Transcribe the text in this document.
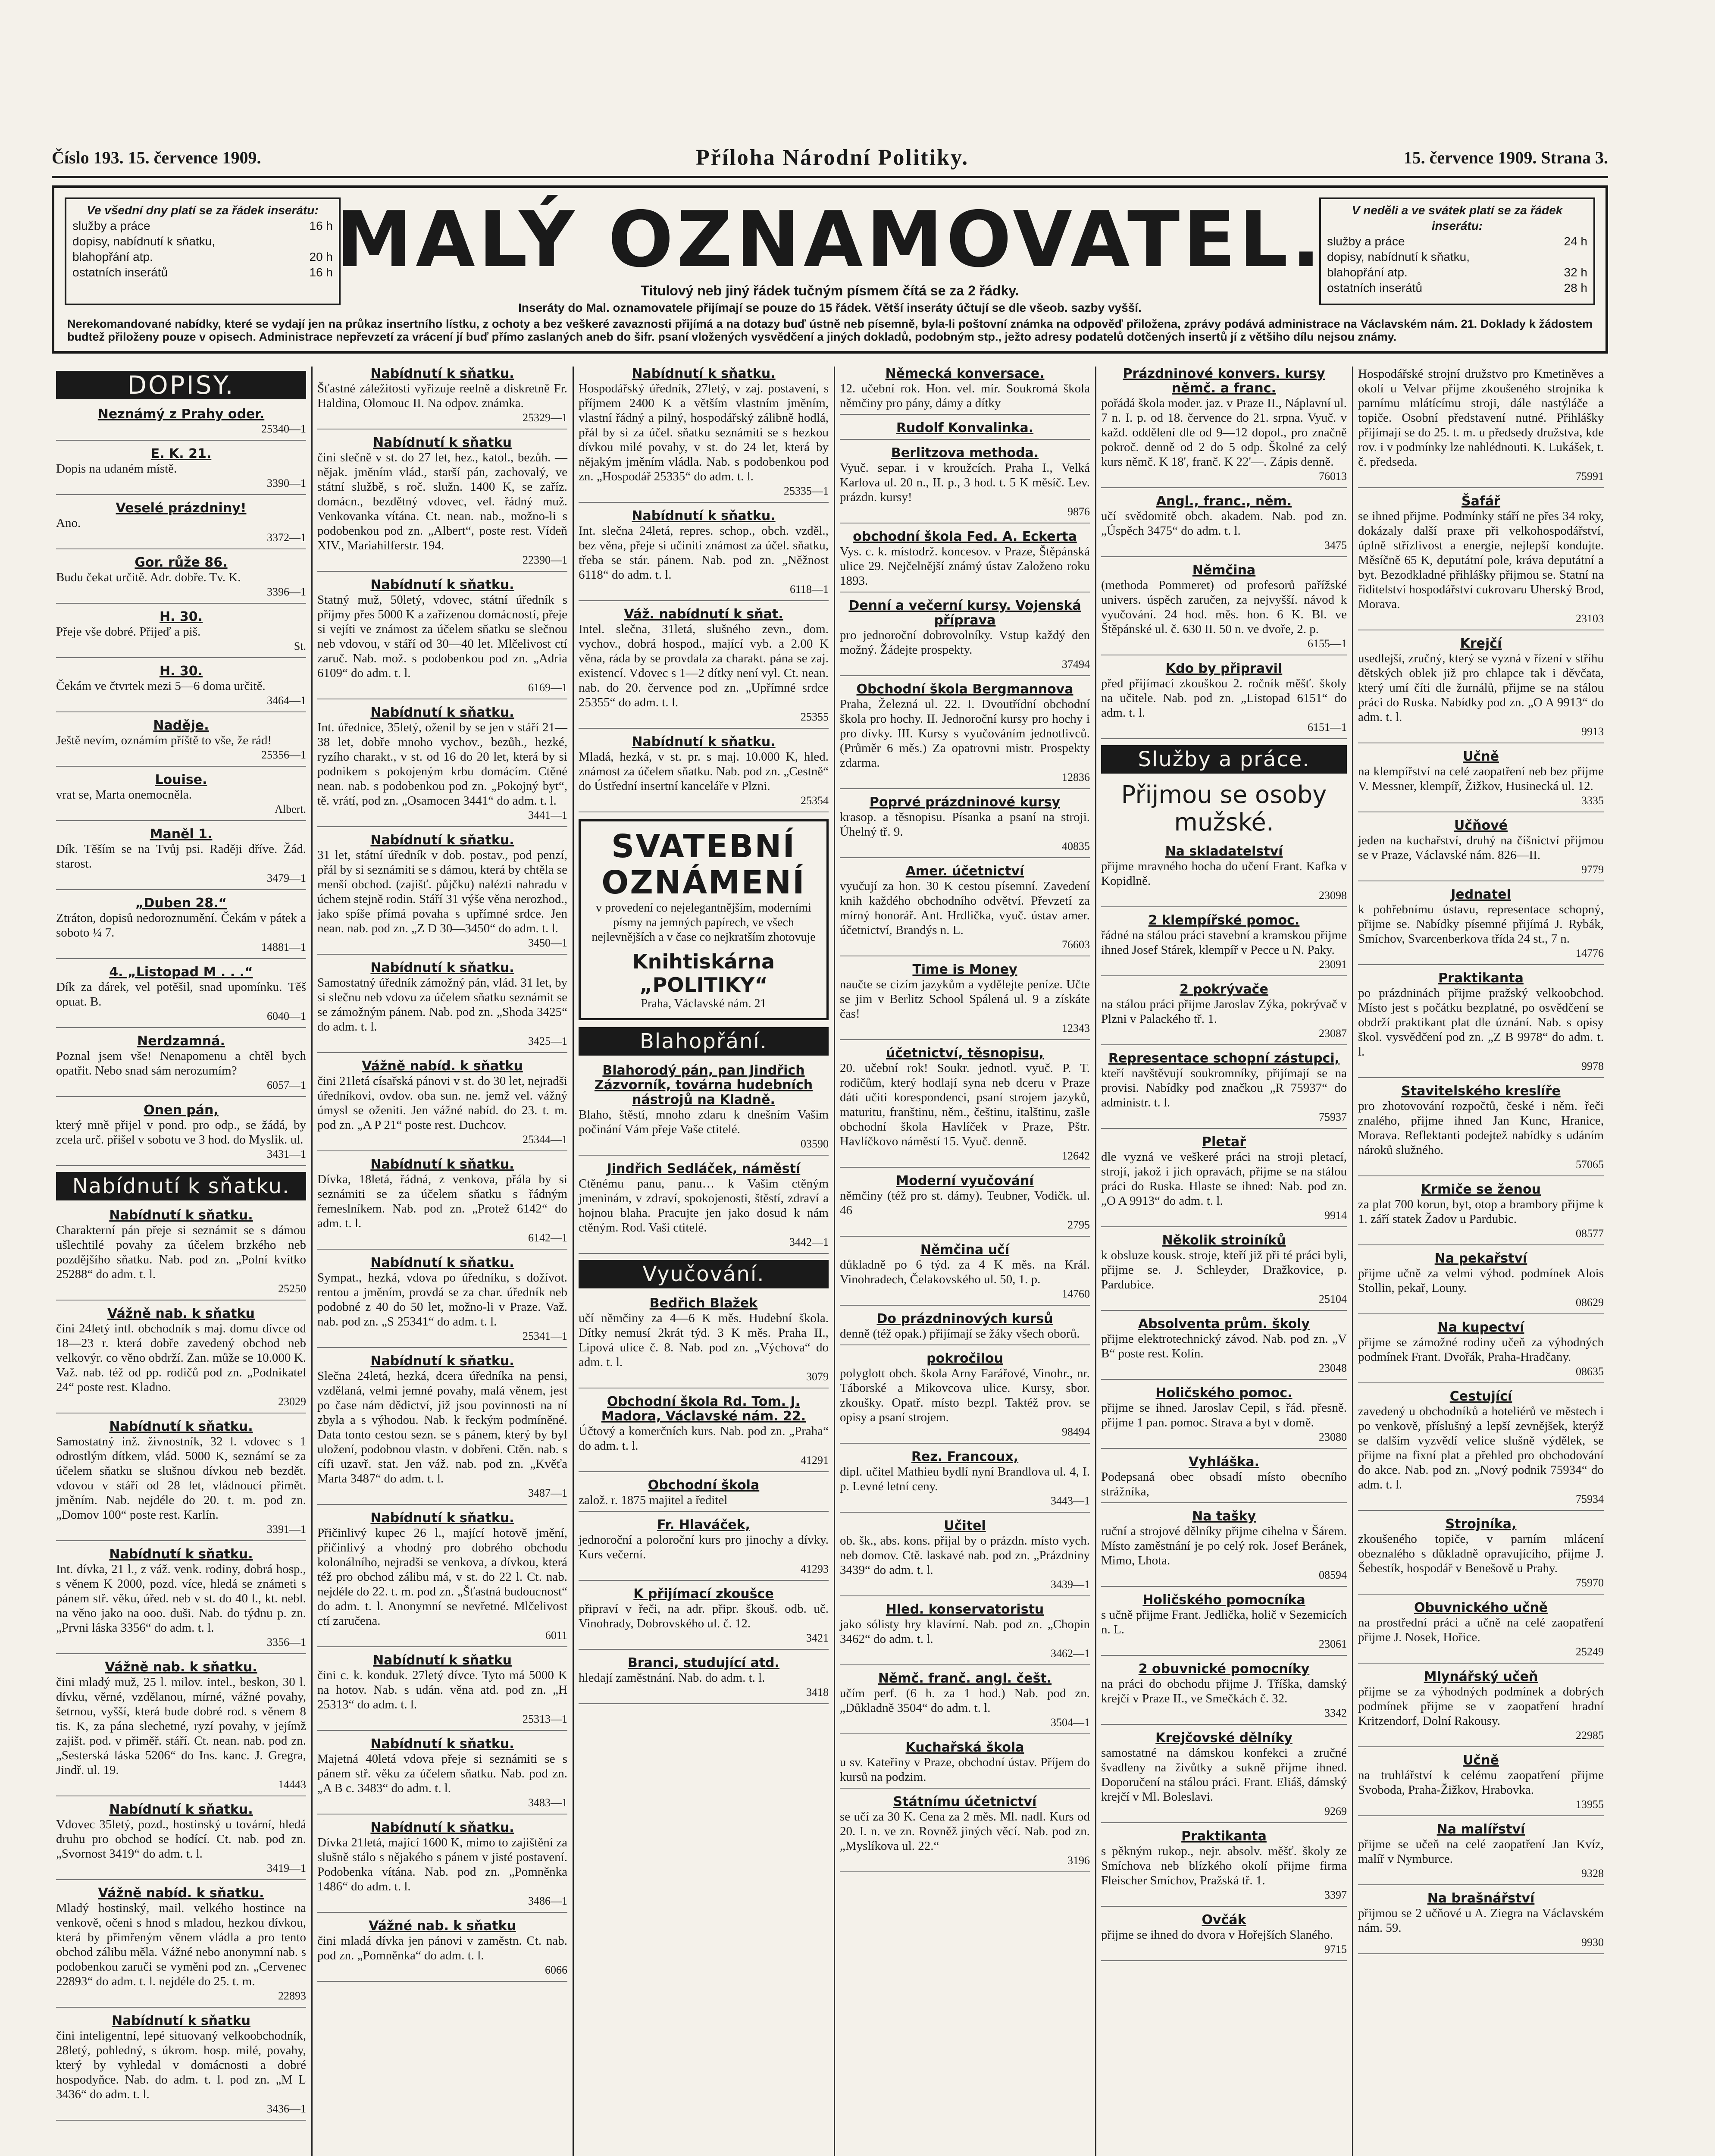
Číslo 193. 15. července 1909.	Příloha Národní Politiky.	15. července 1909. Strana 3.
Ve všední dny platí se za řádek inserátu:
služby a práce	16 h
dopisy, nabídnutí k sňatku,
blahopřání atp.	20 h
ostatních inserátů	16 h MALÝ OZNAMOVATEL.	V neděli a ve svátek platí se za řádek inserátu:
služby a práce	24 h
dopisy, nabídnutí k sňatku,
blahopřání atp.	32 h
ostatních inserátů	28 h
Titulový neb jiný řádek tučným písmem čítá se za 2 řádky.
Inseráty do Mal. oznamovatele přijímají se pouze do 15 řádek. Větší inseráty účtují se dle všeob. sazby vyšší.
Nerekomandované nabídky, které se vydají jen na průkaz insertního lístku, z ochoty a bez veškeré zavaznosti přijímá a na dotazy buď ústně neb písemně, byla-li poštovní známka na odpověď přiložena, zprávy podává administrace na Václavském nám. 21. Doklady k žádostem budtež přiloženy pouze v opisech. Administrace nepřevzetí za vrácení jí buď přímo zaslaných aneb do šifr. psaní vložených vysvědčení a jiných dokladů, podobným stp., ježto adresy podatelů dotčených insertů jí z většiho dílu nejsou známy.
DOPISY.
Neznámý z Prahy oder.
25340—1
E. K. 21.
Dopis na udaném místě.
3390—1
Veselé prázdniny!
Ano.
3372—1
Gor. růže 86.
Budu čekat určitě. Adr. dobře. Tv. K.
3396—1
H. 30.
Přeje vše dobré. Přijeď a piš.
St.
H. 30.
Čekám ve čtvrtek mezi 5—6 doma určitě.
3464—1
Naděje.
Ještě nevím, oznámím příště to vše, že rád!
25356—1
Louise.
vrat se, Marta onemocněla.
Albert.
Maněl 1.
Dík. Těším se na Tvůj psi. Raději dříve. Žád. starost.
3479—1
„Duben 28.“
Ztráton, dopisů nedoroznumění. Čekám v pátek a soboto ¼ 7.
14881—1
4. „Listopad M . . .“
Dík za dárek, vel potěšil, snad upomínku. Těš opuat. B.
6040—1
Nerdzamná.
Poznal jsem vše! Nenapomenu a chtěl bych opatřit. Nebo snad sám nerozumím?
6057—1
Onen pán,
který mně přijel v pond. pro odp., se žádá, by zcela urč. přišel v sobotu ve 3 hod. do Myslik. ul.
3431—1
Nabídnutí k sňatku.
Nabídnutí k sňatku.
Charakterní pán přeje si seznámit se s dámou ušlechtilé povahy za účelem brzkého neb pozdějšího sňatku. Nab. pod zn. „Polní kvítko 25288“ do adm. t. l.
25250
Vážně nab. k sňatku
čini 24letý intl. obchodník s maj. domu dívce od 18—23 r. která dobře zavedený obchod neb velkovýr. co věno obdrží. Zan. může se 10.000 K. Važ. nab. též od pp. rodičů pod zn. „Podnikatel 24“ poste rest. Kladno.
23029
Nabídnutí k sňatku.
Samostatný inž. živnostník, 32 l. vdovec s 1 odrostlým dítkem, vlád. 5000 K, seznámí se za účelem sňatku se slušnou dívkou neb bezdět. vdovou v stáří od 28 let, vládnoucí přimět. jměním. Nab. nejdéle do 20. t. m. pod zn. „Domov 100“ poste rest. Karlín.
3391—1
Nabídnutí k sňatku.
Int. dívka, 21 l., z váž. venk. rodiny, dobrá hosp., s věnem K 2000, pozd. více, hledá se známeti s pánem stř. věku, úřed. neb v st. do 40 l., kt. nebl. na věno jako na ooo. duši. Nab. do týdnu p. zn. „Prvni láska 3356“ do adm. t. l.
3356—1
Vážně nab. k sňatku.
čini mladý muž, 25 l. milov. intel., beskon, 30 l. dívku, věrné, vzdělanou, mírné, vážné povahy, šetrnou, vyšší, která bude dobré rod. s věnem 8 tis. K, za pána slechetné, ryzí povahy, v jejímž zajišt. pod. v přiměř. stáří. Ct. nean. nab. pod zn. „Sesterská láska 5206“ do Ins. kanc. J. Gregra, Jindř. ul. 19.
14443
Nabídnutí k sňatku.
Vdovec 35letý, pozd., hostinský u tovární, hledá druhu pro obchod se hodící. Ct. nab. pod zn. „Svornost 3419“ do adm. t. l.
3419—1
Vážně nabíd. k sňatku.
Mladý hostinský, mail. velkého hostince na venkově, očeni s hnod s mladou, hezkou dívkou, která by přimřeným věnem vládla a pro tento obchod zálibu měla. Vážné nebo anonymní nab. s podobenkou zaruči se vyměni pod zn. „Cervenec 22893“ do adm. t. l. nejdéle do 25. t. m.
22893
Nabídnutí k sňatku
čini inteligentní, lepé situovaný velkoobchodník, 28letý, pohledný, s úkrom. hosp. milé, povahy, který by vyhledal v domácnosti a dobré hospodyňce. Nab. do adm. t. l. pod zn. „M L 3436“ do adm. t. l.
3436—1
Nabídnutí k sňatku.
Šťastné záležitosti vyřizuje reelně a diskretně Fr. Haldina, Olomouc II. Na odpov. známka.
25329—1
Nabídnutí k sňatku
čini slečně v st. do 27 let, hez., katol., bezůh. — nějak. jměním vlád., starší pán, zachovalý, ve státní službě, s roč. služn. 1400 K, se zaříz. domácn., bezdětný vdovec, vel. řádný muž. Venkovanka vítána. Ct. nean. nab., možno-li s podobenkou pod zn. „Albert“, poste rest. Vídeň XIV., Mariahilferstr. 194.
22390—1
Nabídnutí k sňatku.
Statný muž, 50letý, vdovec, státní úředník s příjmy přes 5000 K a zařízenou domácností, přeje si vejíti ve známost za účelem sňatku se slečnou neb vdovou, v stáří od 30—40 let. Mlčelivost ctí zaruč. Nab. mož. s podobenkou pod zn. „Adria 6109“ do adm. t. l.
6169—1
Nabídnutí k sňatku.
Int. úřednice, 35letý, oženil by se jen v stáří 21—38 let, dobře mnoho vychov., bezůh., hezké, ryzího charakt., v st. od 16 do 20 let, která by si podnikem s pokojeným krbu domácím. Ctěné nean. nab. s podobenkou pod zn. „Pokojný byt“, tě. vrátí, pod zn. „Osamocen 3441“ do adm. t. l.
3441—1
Nabídnutí k sňatku.
31 let, státní úředník v dob. postav., pod penzí, přál by si seznámiti se s dámou, která by chtěla se menší obchod. (zajišť. půjčku) nalézti nahradu v úchem stejně rodin. Stáří 31 výše věna nerozhod., jako spíše přímá povaha s upřímné srdce. Jen nean. nab. pod zn. „Z D 30—3450“ do adm. t. l.
3450—1
Nabídnutí k sňatku.
Samostatný úředník zámožný pán, vlád. 31 let, by si slečnu neb vdovu za účelem sňatku seznámit se se zámožným pánem. Nab. pod zn. „Shoda 3425“ do adm. t. l.
3425—1
Vážně nabíd. k sňatku
čini 21letá císařská pánovi v st. do 30 let, nejradši úředníkovi, ovdov. oba sun. ne. jemž vel. vážný úmysl se oženiti. Jen vážné nabíd. do 23. t. m. pod zn. „A P 21“ poste rest. Duchcov.
25344—1
Nabídnutí k sňatku.
Dívka, 18letá, řádná, z venkova, přála by si seznámiti se za účelem sňatku s řádným řemeslníkem. Nab. pod zn. „Protež 6142“ do adm. t. l.
6142—1
Nabídnutí k sňatku.
Sympat., hezká, vdova po úředníku, s dožívot. rentou a jměním, provdá se za char. úředník neb podobné z 40 do 50 let, možno-li v Praze. Važ. nab. pod zn. „S 25341“ do adm. t. l.
25341—1
Nabídnutí k sňatku.
Slečna 24letá, hezká, dcera úředníka na pensi, vzdělaná, velmi jemné povahy, malá věnem, jest po čase nám dědictví, již jsou povinnosti na ní zbyla a s výhodou. Nab. k řeckým podmíněné. Data tonto cestou sezn. se s pánem, který by byl uložení, podobnou vlastn. v dobřeni. Ctěn. nab. s cífi uzavř. stat. Jen váž. nab. pod zn. „Kvěťa Marta 3487“ do adm. t. l.
3487—1
Nabídnutí k sňatku.
Přičinlivý kupec 26 l., mající hotově jmění, přičinlivý a vhodný pro dobrého obchodu kolonálního, nejradši se venkova, a dívkou, která též pro obchod zálibu má, v st. do 22 l. Ct. nab. nejdéle do 22. t. m. pod zn. „Šťastná budoucnost“ do adm. t. l. Anonymní se nevřetné. Mlčelivost ctí zaručena.
6011
Nabídnutí k sňatku
čini c. k. konduk. 27letý dívce. Tyto má 5000 K na hotov. Nab. s udán. věna atd. pod zn. „H 25313“ do adm. t. l.
25313—1
Nabídnutí k sňatku.
Majetná 40letá vdova přeje si seznámiti se s pánem stř. věku za účelem sňatku. Nab. pod zn. „A B c. 3483“ do adm. t. l.
3483—1
Nabídnutí k sňatku.
Dívka 21letá, mající 1600 K, mimo to zajištění za slušně stálo s nějakého s pánem v jisté postavení. Podobenka vítána. Nab. pod zn. „Pomněnka 1486“ do adm. t. l.
3486—1
Vážné nab. k sňatku
čini mladá dívka jen pánovi v zaměstn. Ct. nab. pod zn. „Pomněnka“ do adm. t. l.
6066
Nabídnutí k sňatku.
Hospodářský úředník, 27letý, v zaj. postavení, s příjmem 2400 K a větším vlastním jměním, vlastní řádný a pilný, hospodářský zálibně hodlá, přál by si za účel. sňatku seznámiti se s hezkou dívkou milé povahy, v st. do 24 let, která by nějakým jměním vládla. Nab. s podobenkou pod zn. „Hospodář 25335“ do adm. t. l.
25335—1
Nabídnutí k sňatku.
Int. slečna 24letá, repres. schop., obch. vzděl., bez věna, přeje si učiniti známost za účel. sňatku, třeba se stár. pánem. Nab. pod zn. „Něžnost 6118“ do adm. t. l.
6118—1
Váž. nabídnutí k sňat.
Intel. slečna, 31letá, slušného zevn., dom. vychov., dobrá hospod., mající vyb. a 2.00 K věna, ráda by se provdala za charakt. pána se zaj. existencí. Vdovec s 1—2 dítky není vyl. Ct. nean. nab. do 20. července pod zn. „Upřímné srdce 25355“ do adm. t. l.
25355
Nabídnutí k sňatku.
Mladá, hezká, v st. pr. s maj. 10.000 K, hled. známost za účelem sňatku. Nab. pod zn. „Cestně“ do Ústřední insertní kanceláře v Plzni.
25354
SVATEBNÍ OZNÁMENÍ
v provedení co nejelegantnějším, moderními písmy na jemných papírech, ve všech nejlevnějších a v čase co nejkratším zhotovuje
Knihtiskárna „POLITIKY“
Praha, Václavské nám. 21
Blahopřání.
Blahorodý pán, pan Jindřich Zázvorník, továrna hudebních nástrojů na Kladně.
Blaho, štěstí, mnoho zdaru k dnešním Vašim počinání Vám přeje Vaše ctitelé.
03590
Jindřich Sedláček, náměstí
Ctěnému panu, panu… k Vašim ctěným jmeninám, v zdraví, spokojenosti, štěstí, zdraví a hojnou blaha. Pracujte jen jako dosud k nám ctěným. Rod. Vaši ctitelé.
3442—1
Vyučování.
Bedřich Blažek
učí němčiny za 4—6 K měs. Hudební škola. Dítky nemusí 2krát týd. 3 K měs. Praha II., Lipová ulice č. 8. Nab. pod zn. „Výchova“ do adm. t. l.
3079
Obchodní škola Rd. Tom. J. Madora, Václavské nám. 22.
Účtový a komerčních kurs. Nab. pod zn. „Praha“ do adm. t. l.
41291
Obchodní škola
založ. r. 1875 majitel a ředitel
Fr. Hlaváček,
jednoroční a poloroční kurs pro jinochy a dívky. Kurs večerní.
41293
K přijímací zkoušce
připraví v řeči, na adr. připr. škouš. odb. uč. Vinohrady, Dobrovského ul. č. 12.
3421
Branci, studující atd.
hledají zaměstnání. Nab. do adm. t. l.
3418
Německá konversace.
12. učební rok. Hon. vel. mír. Soukromá škola němčiny pro pány, dámy a dítky
Rudolf Konvalinka.
Berlitzova methoda.
Vyuč. separ. i v kroužcích. Praha I., Velká Karlova ul. 20 n., II. p., 3 hod. t. 5 K měsíč. Lev. prázdn. kursy!
9876
obchodní škola Fed. A. Eckerta
Vys. c. k. místodrž. koncesov. v Praze, Štěpánská ulice 29. Nejčelnější známý ústav Založeno roku 1893.
Denní a večerní kursy. Vojenská příprava
pro jednoroční dobrovolníky. Vstup každý den možný. Žádejte prospekty.
37494
Obchodní škola Bergmannova
Praha, Železná ul. 22. I. Dvoutřídní obchodní škola pro hochy. II. Jednoroční kursy pro hochy i pro dívky. III. Kursy s vyučováním jednotlivců. (Průměr 6 měs.) Za opatrovni mistr. Prospekty zdarma.
12836
Poprvé prázdninové kursy
krasop. a těsnopisu. Písanka a psaní na stroji. Úhelný tř. 9.
40835
Amer. účetnictví
vyučují za hon. 30 K cestou písemní. Zavedení knih každého obchodního odvětví. Převzetí za mírný honorář. Ant. Hrdlička, vyuč. ústav amer. účetnictví, Brandýs n. L.
76603
Time is Money
naučte se cizím jazykům a vydělejte peníze. Učte se jim v Berlitz School Spálená ul. 9 a získáte čas!
12343
účetnictví, těsnopisu,
20. učební rok! Soukr. jednotl. vyuč. P. T. rodičům, který hodlají syna neb dceru v Praze dáti učiti korespondenci, psaní strojem jazyků, maturitu, franštinu, něm., češtinu, italštinu, zašle obchodní škola Havlíček v Praze, Pštr. Havlíčkovo náměstí 15. Vyuč. denně.
12642
Moderní vyučování
němčiny (též pro st. dámy). Teubner, Vodičk. ul. 46
2795
Němčina učí
důkladně po 6 týd. za 4 K měs. na Král. Vinohradech, Čelakovského ul. 50, 1. p.
14760
Do prázdninových kursů
denně (též opak.) přijímají se žáky všech oborů.
pokročilou
polyglott obch. škola Arny Farářové, Vinohr., nr. Táborské a Mikovcova ulice. Kursy, sbor. zkoušky. Opatř. místo bezpl. Taktéž prov. se opisy a psaní strojem.
98494
Rez. Francoux,
dipl. učitel Mathieu bydlí nyní Brandlova ul. 4, I. p. Levné letní ceny.
3443—1
Učitel
ob. šk., abs. kons. přijal by o prázdn. místo vych. neb domov. Ctě. laskavé nab. pod zn. „Prázdniny 3439“ do adm. t. l.
3439—1
Hled. konservatoristu
jako sólisty hry klavírní. Nab. pod zn. „Chopin 3462“ do adm. t. l.
3462—1
Němč. franč. angl. češt.
učím perf. (6 h. za 1 hod.) Nab. pod zn. „Důkladně 3504“ do adm. t. l.
3504—1
Kuchařská škola
u sv. Kateřiny v Praze, obchodní ústav. Příjem do kursů na podzim.
Státnímu účetnictví
se učí za 30 K. Cena za 2 měs. Ml. nadl. Kurs od 20. I. n. ve zn. Rovněž jiných věcí. Nab. pod zn. „Myslíkova ul. 22.“
3196
Prázdninové konvers. kursy němč. a franc.
pořádá škola moder. jaz. v Praze II., Náplavní ul. 7 n. I. p. od 18. července do 21. srpna. Vyuč. v každ. oddělení dle od 9—12 dopol., pro značně pokroč. denně od 2 do 5 odp. Školné za celý kurs němč. K 18', franč. K 22'—. Zápis denně.
76013
Angl., franc., něm.
učí svědomitě obch. akadem. Nab. pod zn. „Úspěch 3475“ do adm. t. l.
3475
Němčina
(methoda Pommeret) od profesorů pařížské univers. úspěch zaručen, za nejvyšší. návod k vyučování. 24 hod. měs. hon. 6 K. Bl. ve Štěpánské ul. č. 630 II. 50 n. ve dvoře, 2. p.
6155—1
Kdo by připravil
před přijímací zkouškou 2. ročník měšť. školy na učitele. Nab. pod zn. „Listopad 6151“ do adm. t. l.
6151—1
Služby a práce.
Přijmou se osoby mužské.
Na skladatelství
přijme mravného hocha do učení Frant. Kafka v Kopidlně.
23098
2 klempířské pomoc.
řádné na stálou práci stavební a kramskou přijme ihned Josef Stárek, klempíř v Pecce u N. Paky.
23091
2 pokrývače
na stálou práci přijme Jaroslav Zýka, pokrývač v Plzni v Palackého tř. 1.
23087
Representace schopní zástupci,
kteří navštěvují soukromníky, přijímají se na provisi. Nabídky pod značkou „R 75937“ do administr. t. l.
75937
Pletař
dle vyzná ve veškeré práci na stroji pletací, strojí, jakož i jich opravách, přijme se na stálou práci do Ruska. Hlaste se ihned: Nab. pod zn. „O A 9913“ do adm. t. l.
9914
Několik stroiníků
k obsluze kousk. stroje, kteří již při té práci byli, přijme se. J. Schleyder, Dražkovice, p. Pardubice.
25104
Absolventa prům. školy
přijme elektrotechnický závod. Nab. pod zn. „V B“ poste rest. Kolín.
23048
Holičského pomoc.
přijme se ihned. Jaroslav Cepil, s řád. přesně. přijme 1 pan. pomoc. Strava a byt v domě.
23080
Vyhláška.
Podepsaná obec obsadí místo obecního strážníka,
Na tašky
ruční a strojové dělníky přijme cihelna v Šárem. Místo zaměstnání je po celý rok. Josef Beránek, Mimo, Lhota.
08594
Holičského pomocníka
s učně přijme Frant. Jedlička, holič v Sezemicích n. L.
23061
2 obuvnické pomocníky
na práci do obchodu přijme J. Tříška, damský krejčí v Praze II., ve Smečkách č. 32.
3342
Krejčovské dělníky
samostatné na dámskou konfekci a zručné švadleny na živůtky a sukně přijme ihned. Doporučení na stálou práci. Frant. Eliáš, dámský krejčí v Ml. Boleslavi.
9269
Praktikanta
s pěkným rukop., nejr. absolv. měšť. školy ze Smíchova neb blízkého okolí přijme firma Fleischer Smíchov, Pražská tř. 1.
3397
Ovčák
přijme se ihned do dvora v Hořejších Slaného.
9715
Hospodářské strojní družstvo pro Kmetiněves a okolí u Velvar přijme zkoušeného strojníka k parnímu mlátícímu stroji, dále nastýláče a topiče. Osobní představení nutné. Přihlášky přijímají se do 25. t. m. u předsedy družstva, kde rov. i v podmínky lze nahlédnouti. K. Lukášek, t. č. předseda.
75991
Šafář
se ihned přijme. Podmínky stáří ne přes 34 roky, dokázaly další praxe při velkohospodářství, úplně střízlivost a energie, nejlepší kondujte. Měsíčně 65 K, deputátní pole, kráva deputátní a byt. Bezodkladné přihlášky přijmou se. Statní na řiditelství hospodářství cukrovaru Uherský Brod, Morava.
23103
Krejčí
usedlejší, zručný, který se vyzná v řízení v stříhu dětských oblek již pro chlapce tak i děvčata, který umí číti dle žurnálů, přijme se na stálou práci do Ruska. Nabídky pod zn. „O A 9913“ do adm. t. l.
9913
Učně
na klempířství na celé zaopatření neb bez přijme V. Messner, klempíř, Žižkov, Husinecká ul. 12.
3335
Učňové
jeden na kuchařství, druhý na číšnictví přijmou se v Praze, Václavské nám. 826—II.
9779
Jednatel
k pohřebnímu ústavu, representace schopný, přijme se. Nabídky písemné přijímá J. Rybák, Smíchov, Svarcenberkova třída 24 st., 7 n.
14776
Praktikanta
po prázdninách přijme pražský velkoobchod. Místo jest s počátku bezplatné, po osvědčení se obdrží praktikant plat dle úznání. Nab. s opisy škol. vysvědčení pod zn. „Z B 9978“ do adm. t. l.
9978
Stavitelského kreslíře
pro zhotovování rozpočtů, české i něm. řeči znalého, přijme ihned Jan Kunc, Hranice, Morava. Reflektanti podejtež nabídky s udáním nároků služného.
57065
Krmiče se ženou
za plat 700 korun, byt, otop a brambory přijme k 1. září statek Žadov u Pardubic.
08577
Na pekařství
přijme učně za velmi výhod. podmínek Alois Stollin, pekař, Louny.
08629
Na kupectví
přijme se zámožné rodiny učeň za výhodných podmínek Frant. Dvořák, Praha-Hradčany.
08635
Cestující
zavedený u obchodníků a hoteliérů ve městech i po venkově, příslušný a lepší zevnějšek, kterýž se dalším vyzvědí velice slušně výdělek, se přijme na fixní plat a přehled pro obchodování do akce. Nab. pod zn. „Nový podnik 75934“ do adm. t. l.
75934
Strojníka,
zkoušeného topiče, v parním mlácení obeznalého s důkladně opravujícího, přijme J. Šebestík, hospodář v Benešově u Prahy.
75970
Obuvnického učně
na prostřední práci a učně na celé zaopatření přijme J. Nosek, Hořice.
25249
Mlynářský učeň
přijme se za výhodných podmínek a dobrých podmínek přijme se v zaopatření hradní Kritzendorf, Dolní Rakousy.
22985
Učně
na truhlářství k celému zaopatření přijme Svoboda, Praha-Žižkov, Hrabovka.
13955
Na malířství
přijme se učeň na celé zaopatření Jan Kvíz, malíř v Nymburce.
9328
Na brašnářství
přijmou se 2 učňové u A. Ziegra na Václavském nám. 59.
9930
